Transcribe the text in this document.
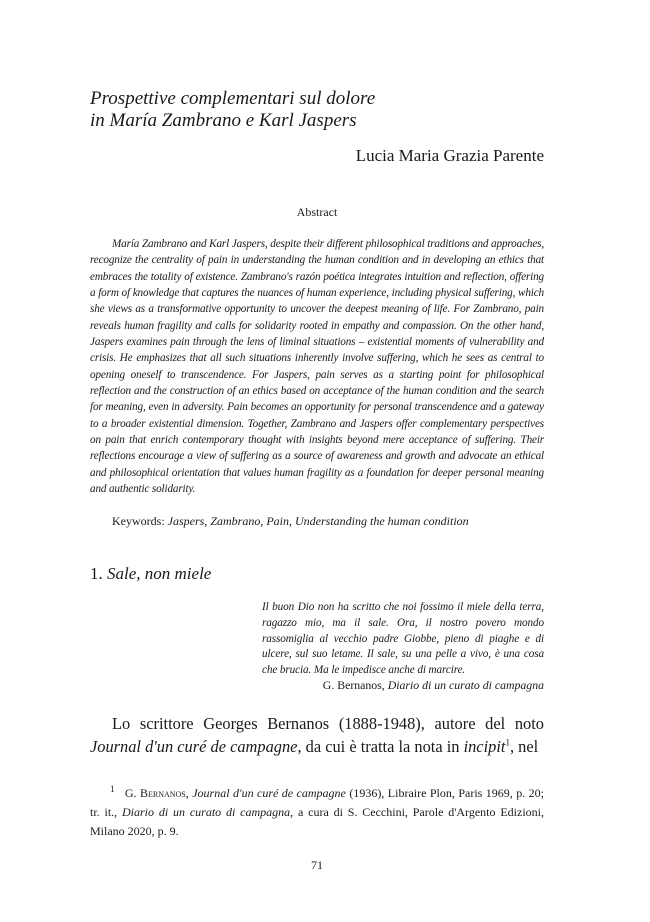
Prospettive complementari sul dolore
in María Zambrano e Karl Jaspers

Lucia Maria Grazia Parente

Abstract

María Zambrano and Karl Jaspers, despite their different philosophical traditions and approaches, recognize the centrality of pain in understanding the human condition and in developing an ethics that embraces the totality of existence. Zambrano's razón poética integrates intuition and reflection, offering a form of knowledge that captures the nuances of human experience, including physical suffering, which she views as a transformative opportunity to uncover the deepest meaning of life. For Zambrano, pain reveals human fragility and calls for solidarity rooted in empathy and compassion. On the other hand, Jaspers examines pain through the lens of liminal situations – existential moments of vulnerability and crisis. He emphasizes that all such situations inherently involve suffering, which he sees as central to opening oneself to transcendence. For Jaspers, pain serves as a starting point for philosophical reflection and the construction of an ethics based on acceptance of the human condition and the search for meaning, even in adversity. Pain becomes an opportunity for personal transcendence and a gateway to a broader existential dimension. Together, Zambrano and Jaspers offer complementary perspectives on pain that enrich contemporary thought with insights beyond mere acceptance of suffering. Their reflections encourage a view of suffering as a source of awareness and growth and advocate an ethical and philosophical orientation that values human fragility as a foundation for deeper personal meaning and authentic solidarity.

Keywords: Jaspers, Zambrano, Pain, Understanding the human condition
1. Sale, non miele

Il buon Dio non ha scritto che noi fossimo il miele della terra, ragazzo mio, ma il sale. Ora, il nostro povero mondo rassomiglia al vecchio padre Giobbe, pieno di piaghe e di ulcere, sul suo letame. Il sale, su una pelle a vivo, è una cosa che brucia. Ma le impedisce anche di marcire.

G. Bernanos, Diario di un curato di campagna

Lo scrittore Georges Bernanos (1888-1948), autore del noto Journal d'un curé de campagne, da cui è tratta la nota in incipit$^1$, nel

$^1$ G. Bernanos, Journal d'un curé de campagne (1936), Libraire Plon, Paris 1969, p. 20; tr. it., Diario di un curato di campagna, a cura di S. Cecchini, Parole d'Argento Edizioni, Milano 2020, p. 9.

71
